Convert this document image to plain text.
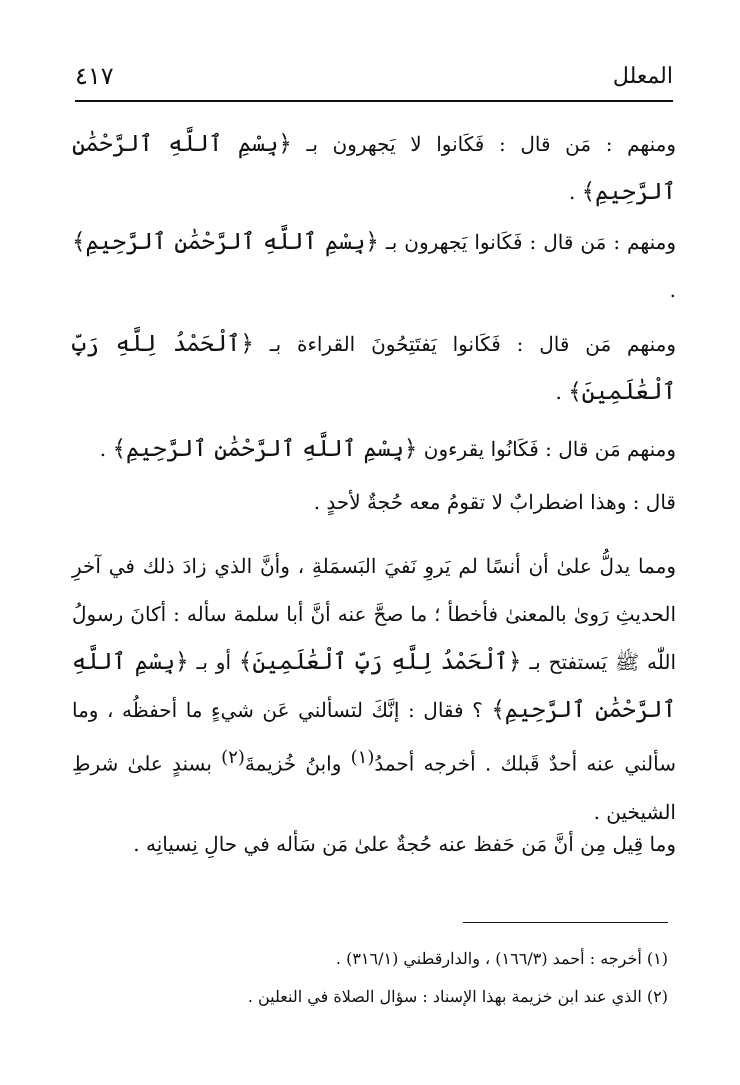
المعلل
٤١٧
ومنهم : مَن قال : فَكَانوا لا يَجهرون بـ ﴿بِسْمِ ٱللَّهِ ٱلرَّحْمَٰنِ ٱلرَّحِيمِ﴾ .
ومنهم : مَن قال : فَكَانوا يَجهرون بـ ﴿بِسْمِ ٱللَّهِ ٱلرَّحْمَٰنِ ٱلرَّحِيمِ﴾ .
ومنهم مَن قال : فَكَانوا يَفتَتِحُونَ القراءة بـ ﴿ٱلْحَمْدُ لِلَّهِ رَبِّ ٱلْعَٰلَمِينَ﴾ .
ومنهم مَن قال : فَكَانُوا يقرءون ﴿بِسْمِ ٱللَّهِ ٱلرَّحْمَٰنِ ٱلرَّحِيمِ﴾ .
قال : وهذا اضطرابٌ لا تقومُ معه حُجةٌ لأحدٍ .
ومما يدلُّ علىٰ أن أنسًا لم يَروِ نَفيَ البَسمَلةِ ، وأنَّ الذي زادَ ذلك في آخرِ الحديثِ رَوىٰ بالمعنىٰ فأخطأ ؛ ما صحَّ عنه أنَّ أبا سلمة سأله : أكانَ رسولُ اللّٰه ﷺ يَستفتح بـ ﴿ٱلْحَمْدُ لِلَّهِ رَبِّ ٱلْعَٰلَمِينَ﴾ أو بـ ﴿بِسْمِ ٱللَّهِ ٱلرَّحْمَٰنِ ٱلرَّحِيمِ﴾ ؟ فقال : إنَّكَ لتسألني عَن شيءٍ ما أحفظُه ، وما سألني عنه أحدٌ قَبلك . أخرجه أحمدُ$^{(١)}$ وابنُ خُزيمةَ$^{(٢)}$ بسندٍ علىٰ شرطِ الشيخين .
وما قِيل مِن أنَّ مَن حَفظ عنه حُجةٌ علىٰ مَن سَأله في حالِ نِسيانِه .
(١) أخرجه : أحمد (١٦٦/٣) ، والدارقطني (٣١٦/١) .
(٢) الذي عند ابن خزيمة بهذا الإسناد : سؤال الصلاة في النعلين .
